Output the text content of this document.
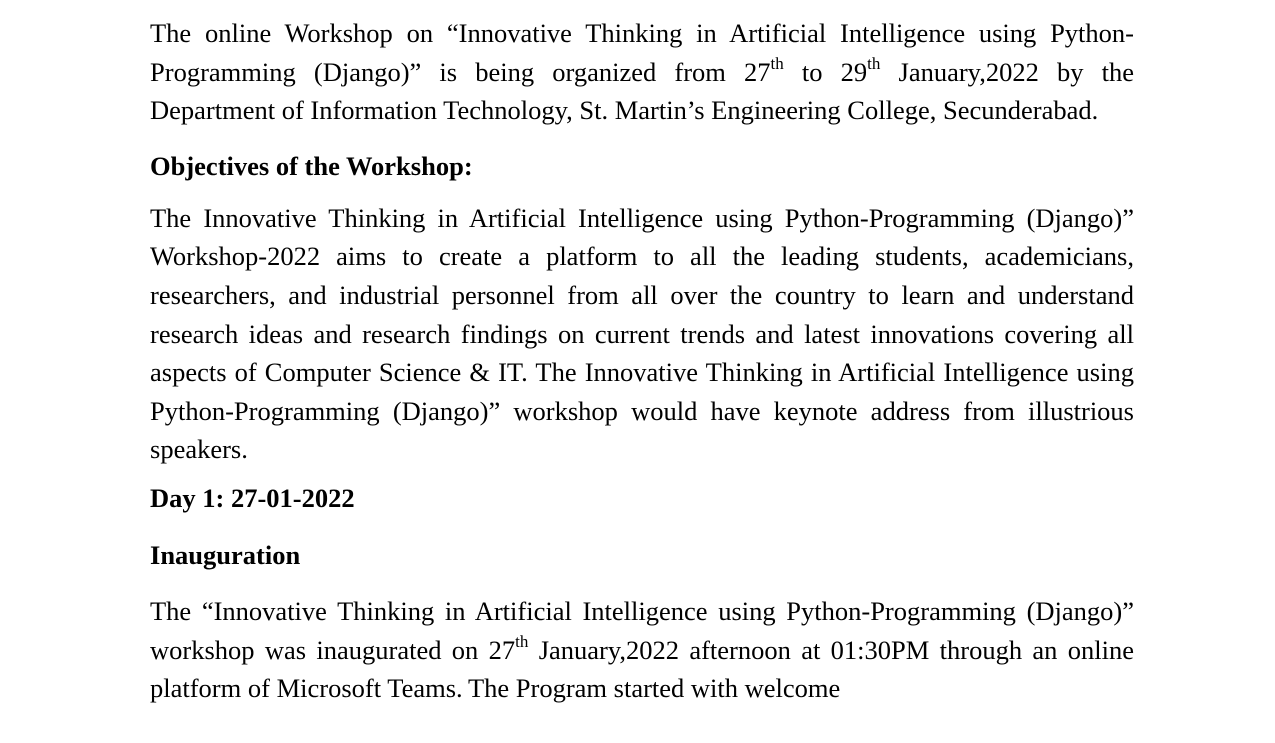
The online Workshop on “Innovative Thinking in Artificial Intelligence using Python-Programming (Django)” is being organized from 27th to 29th January,2022 by the Department of Information Technology, St. Martin’s Engineering College, Secunderabad.

Objectives of the Workshop:

The Innovative Thinking in Artificial Intelligence using Python-Programming (Django)” Workshop-2022 aims to create a platform to all the leading students, academicians, researchers, and industrial personnel from all over the country to learn and understand research ideas and research findings on current trends and latest innovations covering all aspects of Computer Science & IT. The Innovative Thinking in Artificial Intelligence using Python-Programming (Django)” workshop would have keynote address from illustrious speakers.

Day 1: 27-01-2022
Inauguration

The “Innovative Thinking in Artificial Intelligence using Python-Programming (Django)” workshop was inaugurated on 27th January,2022 afternoon at 01:30PM through an online platform of Microsoft Teams. The Program started with welcome
